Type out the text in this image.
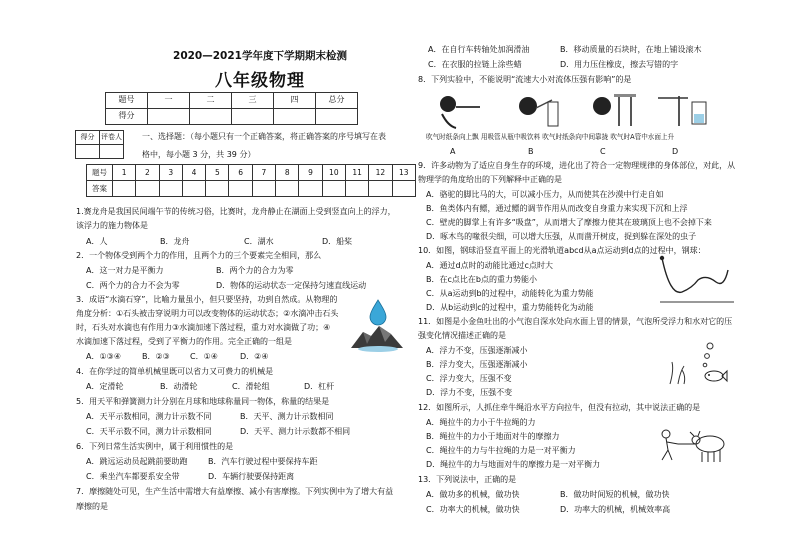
2020—2021学年度下学期期末检测
八年级物理
题号	一	二	三	四	总分
得分					
得分	评卷人
		一、选择题：（每小题只有一个正确答案，将正确答案的序号填写在表
格中，每小题 3 分，共 39 分）
题号	1	2	3	4	5	6	7	8	9	10	11	12	13
答案													
1.赛龙舟是我国民间端午节的传统习俗，比赛时，龙舟静止在湖面上受到竖直向上的浮力，
该浮力的施力物体是
A．人	B．龙舟	C．湖水	D．船桨
2．一个物体受到两个力的作用，且两个力的三个要素完全相同，那么
A．这一对力是平衡力	B．两个力的合力为零
C．两个力的合力不会为零	D．物体的运动状态一定保持匀速直线运动
3．成语“水滴石穿”，比喻力量虽小，但只要坚持，功到自然成。从物理的
角度分析：①石头被击穿说明力可以改变物体的运动状态；②水滴冲击石头
时，石头对水滴也有作用力③水滴加速下落过程，重力对水滴做了功；④
水滴加速下落过程，受到了平衡力的作用。完全正确的一组是
A．①③④	B．②③	C．①④	D．②④
4．在你学过的简单机械里既可以省力又可费力的机械是
A．定滑轮	B．动滑轮	C．滑轮组	D．杠杆
5．用天平和弹簧测力计分别在月球和地球称量同一物体，称量的结果是
A．天平示数相同，测力计示数不同	B．天平、测力计示数相同
C．天平示数不同，测力计示数相同	D．天平、测力计示数都不相同
6．下列日常生活实例中，属于利用惯性的是
A．跳远运动员起跳前要助跑	B．汽车行驶过程中要保持车距
C．乘坐汽车都要系安全带	D．车辆行驶要保持距离
7．摩擦随处可见，生产生活中需增大有益摩擦、减小有害摩擦。下列实例中为了增大有益
摩擦的是
A．在自行车转轴处加润滑油	B．移动质量的石块时，在地上铺设滚木
C．在衣服的拉链上涂些蜡	D．用力压住橡皮，擦去写错的字
8．下列实验中，不能说明“流速大小对流体压强有影响”的是
吹气时纸条向上飘 用吸管从瓶中吸饮料 吹气时纸条向中间靠拢 吹气时A管中水面上升
A	B	C	D
9．许多动物为了适应自身生存的环境，进化出了符合一定物理规律的身体部位，对此，从
物理学的角度给出的下列解释中正确的是
A．骆驼的脚比马的大，可以减小压力，从而使其在沙漠中行走自如
B．鱼类体内有鳔，通过鳔的调节作用从而改变自身重力来实现下沉和上浮
C．壁虎的脚掌上有许多“吸盘”，从而增大了摩擦力使其在玻璃顶上也不会掉下来
D．啄木鸟的喙很尖细，可以增大压强，从而凿开树皮，捉到躲在深处的虫子
10．如图，钢球沿竖直平面上的光滑轨道abcd从a点运动到d点的过程中，钢球：
A．通过d点时的动能比通过c点时大
B．在c点比在b点的重力势能小
C．从a运动到b的过程中，动能转化为重力势能
D．从b运动到c的过程中，重力势能转化为动能
11．如图是小金鱼吐出的小气泡自深水处向水面上冒的情景，气泡所受浮力和水对它的压
强变化情况描述正确的是
A．浮力不变，压强逐渐减小
B．浮力变大，压强逐渐减小
C．浮力变大，压强不变
D．浮力不变，压强不变
12．如图所示，人抓住牵牛绳沿水平方向拉牛，但没有拉动，其中说法正确的是
A．绳拉牛的力小于牛拉绳的力
B．绳拉牛的力小于地面对牛的摩擦力
C．绳拉牛的力与牛拉绳的力是一对平衡力
D．绳拉牛的力与地面对牛的摩擦力是一对平衡力
13．下列说法中，正确的是
A．做功多的机械，做功快	B．做功时间短的机械，做功快
C．功率大的机械，做功快	D．功率大的机械，机械效率高
